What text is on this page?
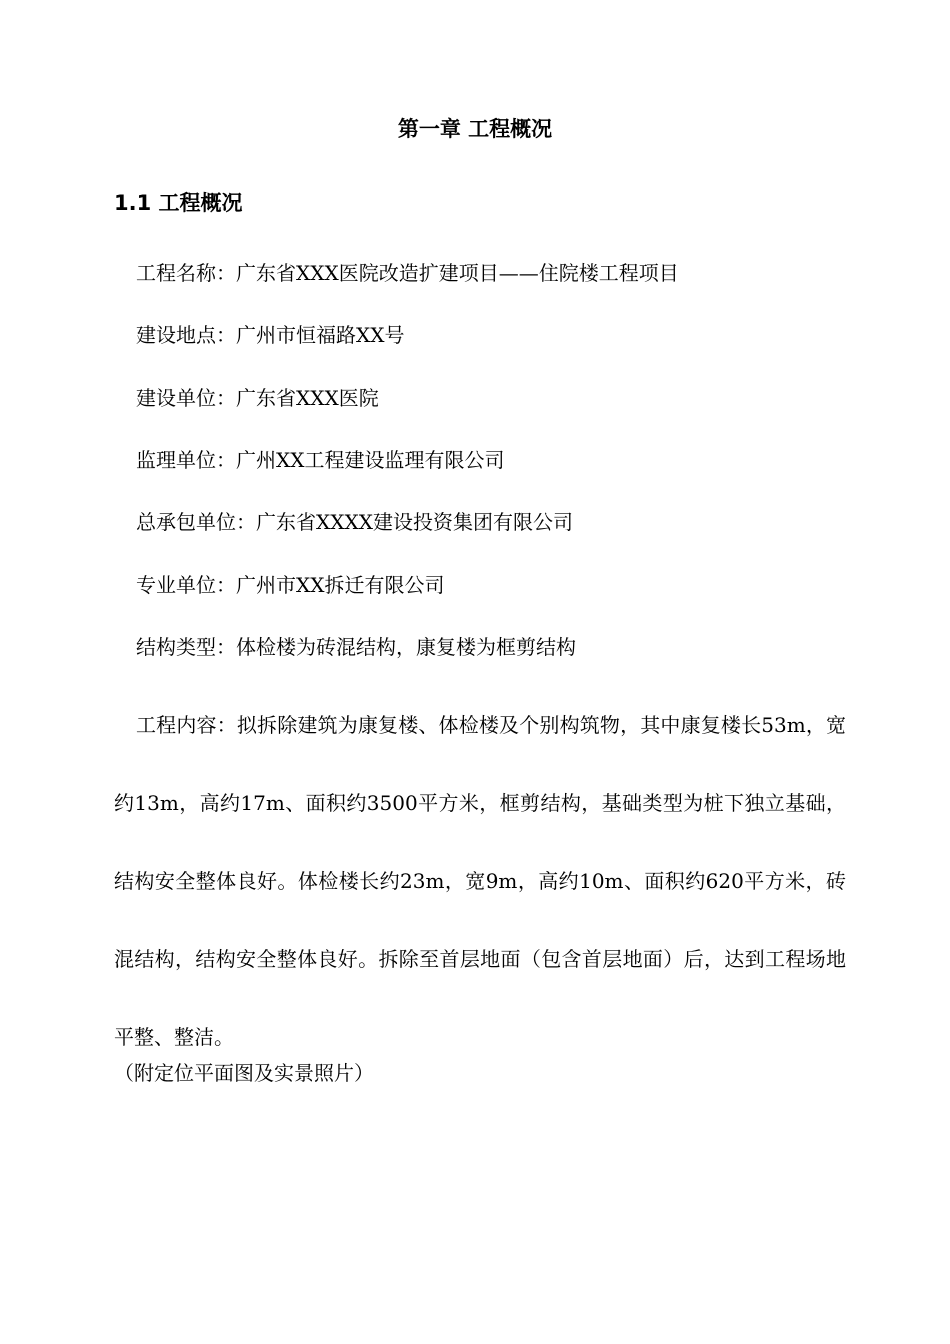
第一章 工程概况
1.1 工程概况
工程名称：广东省XXX医院改造扩建项目——住院楼工程项目
建设地点：广州市恒福路XX号
建设单位：广东省XXX医院
监理单位：广州XX工程建设监理有限公司
总承包单位：广东省XXXX建设投资集团有限公司
专业单位：广州市XX拆迁有限公司
结构类型：体检楼为砖混结构，康复楼为框剪结构
工程内容：拟拆除建筑为康复楼、体检楼及个别构筑物，其中康复楼长53m，宽约13m，高约17m、面积约3500平方米，框剪结构，基础类型为桩下独立基础，结构安全整体良好。体检楼长约23m，宽9m，高约10m、面积约620平方米，砖混结构，结构安全整体良好。拆除至首层地面（包含首层地面）后，达到工程场地平整、整洁。
（附定位平面图及实景照片）
